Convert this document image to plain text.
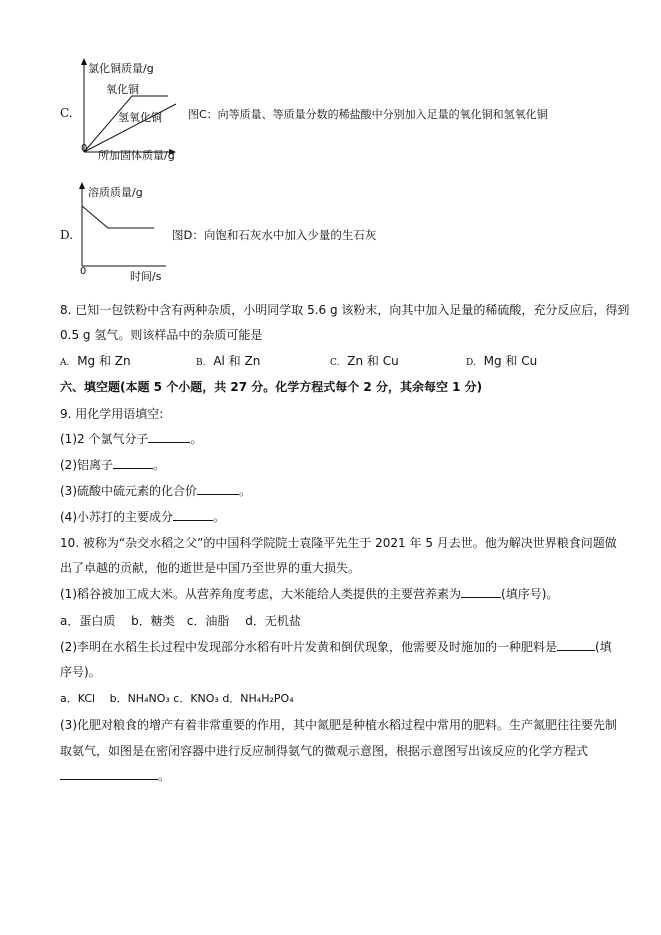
C.
氯化铜质量/g
氧化铜
氢氧化铜
0
所加固体质量/g
图C：向等质量、等质量分数的稀盐酸中分别加入足量的氧化铜和氢氧化铜
D.
溶质质量/g
0	时间/s
图D：向饱和石灰水中加入少量的生石灰
8. 已知一包铁粉中含有两种杂质，小明同学取 5.6 g 该粉末，向其中加入足量的稀硫酸，充分反应后，得到
0.5 g 氢气。则该样品中的杂质可能是
A. Mg 和 Zn	B. Al 和 Zn	C. Zn 和 Cu	D. Mg 和 Cu
六、填空题(本题 5 个小题，共 27 分。化学方程式每个 2 分，其余每空 1 分)
9. 用化学用语填空:
(1)2 个氯气分子	。
(2)铝离子	。
(3)硫酸中硫元素的化合价	。
(4)小苏打的主要成分	。
10. 被称为“杂交水稻之父”的中国科学院院士袁隆平先生于 2021 年 5 月去世。他为解决世界粮食问题做
出了卓越的贡献，他的逝世是中国乃至世界的重大损失。
(1)稻谷被加工成大米。从营养角度考虑，大米能给人类提供的主要营养素为	(填序号)。
a．蛋白质　 b．糖类　c．油脂　 d．无机盐
(2)李明在水稻生长过程中发现部分水稻有叶片发黄和倒伏现象，他需要及时施加的一种肥料是	(填
序号)。
a．KCl　 b．NH₄NO₃ c．KNO₃ d．NH₄H₂PO₄
(3)化肥对粮食的增产有着非常重要的作用，其中氮肥是种植水稻过程中常用的肥料。生产氮肥往往要先制
取氨气，如图是在密闭容器中进行反应制得氨气的微观示意图，根据示意图写出该反应的化学方程式
。
